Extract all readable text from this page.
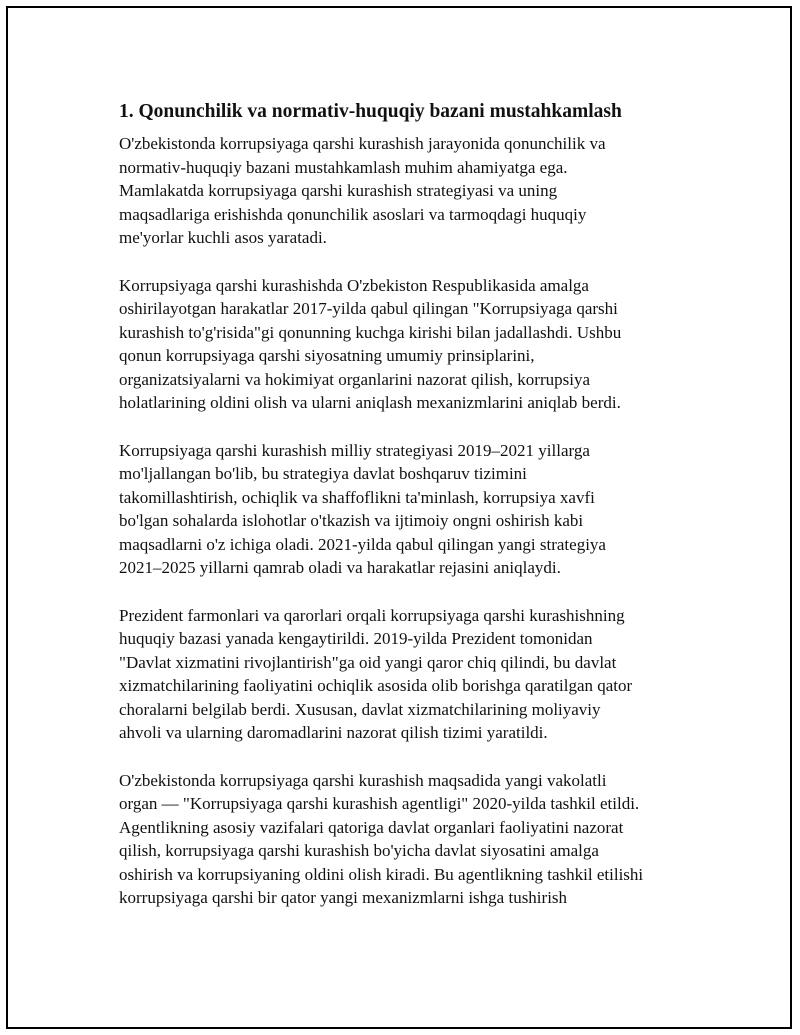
1. Qonunchilik va normativ-huquqiy bazani mustahkamlash

O'zbekistonda korrupsiyaga qarshi kurashish jarayonida qonunchilik va
normativ-huquqiy bazani mustahkamlash muhim ahamiyatga ega.
Mamlakatda korrupsiyaga qarshi kurashish strategiyasi va uning
maqsadlariga erishishda qonunchilik asoslari va tarmoqdagi huquqiy
me'yorlar kuchli asos yaratadi.

Korrupsiyaga qarshi kurashishda O'zbekiston Respublikasida amalga
oshirilayotgan harakatlar 2017-yilda qabul qilingan "Korrupsiyaga qarshi
kurashish to'g'risida"gi qonunning kuchga kirishi bilan jadallashdi. Ushbu
qonun korrupsiyaga qarshi siyosatning umumiy prinsiplarini,
organizatsiyalarni va hokimiyat organlarini nazorat qilish, korrupsiya
holatlarining oldini olish va ularni aniqlash mexanizmlarini aniqlab berdi.

Korrupsiyaga qarshi kurashish milliy strategiyasi 2019–2021 yillarga
mo'ljallangan bo'lib, bu strategiya davlat boshqaruv tizimini
takomillashtirish, ochiqlik va shaffoflikni ta'minlash, korrupsiya xavfi
bo'lgan sohalarda islohotlar o'tkazish va ijtimoiy ongni oshirish kabi
maqsadlarni o'z ichiga oladi. 2021-yilda qabul qilingan yangi strategiya
2021–2025 yillarni qamrab oladi va harakatlar rejasini aniqlaydi.

Prezident farmonlari va qarorlari orqali korrupsiyaga qarshi kurashishning
huquqiy bazasi yanada kengaytirildi. 2019-yilda Prezident tomonidan
"Davlat xizmatini rivojlantirish"ga oid yangi qaror chiq qilindi, bu davlat
xizmatchilarining faoliyatini ochiqlik asosida olib borishga qaratilgan qator
choralarni belgilab berdi. Xususan, davlat xizmatchilarining moliyaviy
ahvoli va ularning daromadlarini nazorat qilish tizimi yaratildi.

O'zbekistonda korrupsiyaga qarshi kurashish maqsadida yangi vakolatli
organ — "Korrupsiyaga qarshi kurashish agentligi" 2020-yilda tashkil etildi.
Agentlikning asosiy vazifalari qatoriga davlat organlari faoliyatini nazorat
qilish, korrupsiyaga qarshi kurashish bo'yicha davlat siyosatini amalga
oshirish va korrupsiyaning oldini olish kiradi. Bu agentlikning tashkil etilishi
korrupsiyaga qarshi bir qator yangi mexanizmlarni ishga tushirish
